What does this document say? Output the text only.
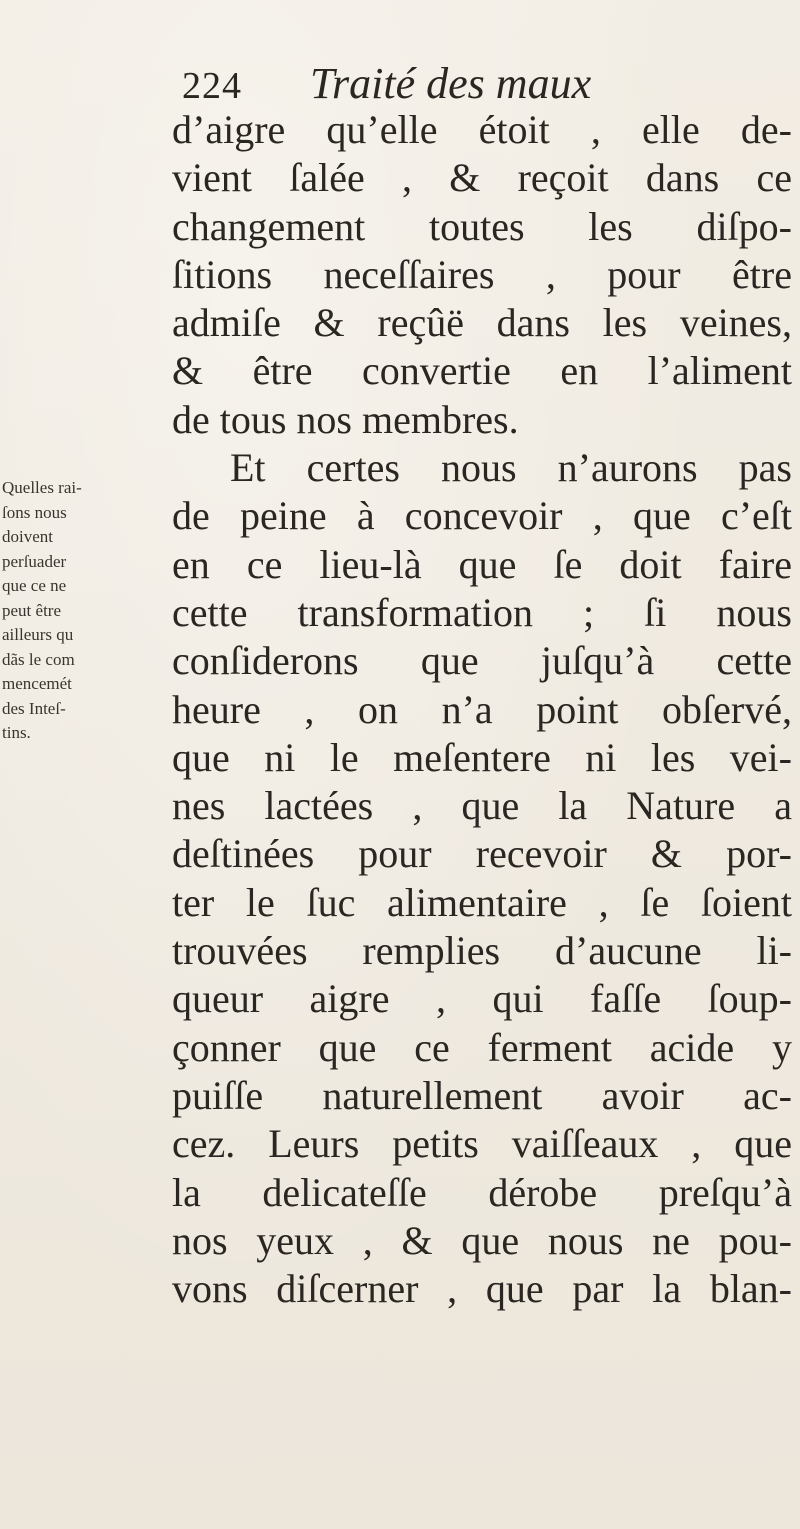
224 Traité des maux
Quelles rai-
ſons nous
doivent
perſuader
que ce ne
peut être
ailleurs qu
dãs le com
mencemét
des Inteſ-
tins.
d’aigre qu’elle étoit , elle de-
vient ſalée , & reçoit dans ce
changement toutes les diſpo-
ſitions neceſſaires , pour être
admiſe & reçûë dans les veines,
& être convertie en l’aliment
de tous nos membres.
Et certes nous n’aurons pas
de peine à concevoir , que c’eſt
en ce lieu-là que ſe doit faire
cette transformation ; ſi nous
conſiderons que juſqu’à cette
heure , on n’a point obſervé,
que ni le meſentere ni les vei-
nes lactées , que la Nature a
deſtinées pour recevoir & por-
ter le ſuc alimentaire , ſe ſoient
trouvées remplies d’aucune li-
queur aigre , qui faſſe ſoup-
çonner que ce ferment acide y
puiſſe naturellement avoir ac-
cez. Leurs petits vaiſſeaux , que
la delicateſſe dérobe preſqu’à
nos yeux , & que nous ne pou-
vons diſcerner , que par la blan-
